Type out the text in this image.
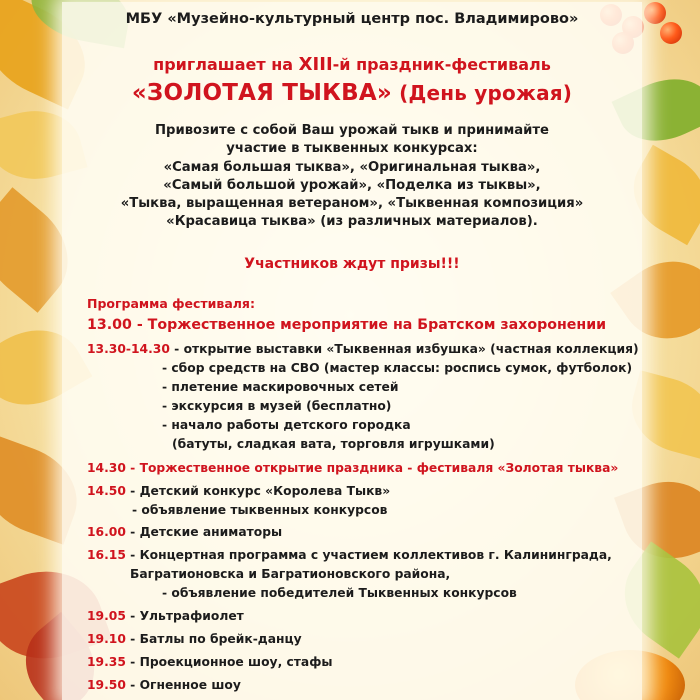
МБУ «Музейно-культурный центр пос. Владимирово»
приглашает на XIII-й праздник-фестиваль
«ЗОЛОТАЯ ТЫКВА» (День урожая)
Привозите с собой Ваш урожай тыкв и принимайте
участие в тыквенных конкурсах:
«Самая большая тыква», «Оригинальная тыква»,
«Самый большой урожай», «Поделка из тыквы»,
«Тыква, выращенная ветераном», «Тыквенная композиция»
«Красавица тыква» (из различных материалов).
Участников ждут призы!!!
Программа фестиваля:
13.00 - Торжественное мероприятие на Братском захоронении
13.30-14.30 - открытие выставки «Тыквенная избушка» (частная коллекция)
- сбор средств на СВО (мастер классы: роспись сумок, футболок)
- плетение маскировочных сетей
- экскурсия в музей (бесплатно)
- начало работы детского городка
(батуты, сладкая вата, торговля игрушками)
14.30 - Торжественное открытие праздника - фестиваля «Золотая тыква»
14.50 - Детский конкурс «Королева Тыкв»
- объявление тыквенных конкурсов
16.00 - Детские аниматоры
16.15 - Концертная программа с участием коллективов г. Калининграда,
Багратионовска и Багратионовского района,
- объявление победителей Тыквенных конкурсов
19.05 - Ультрафиолет
19.10 - Батлы по брейк-данцу
19.35 - Проекционное шоу, стафы
19.50 - Огненное шоу
